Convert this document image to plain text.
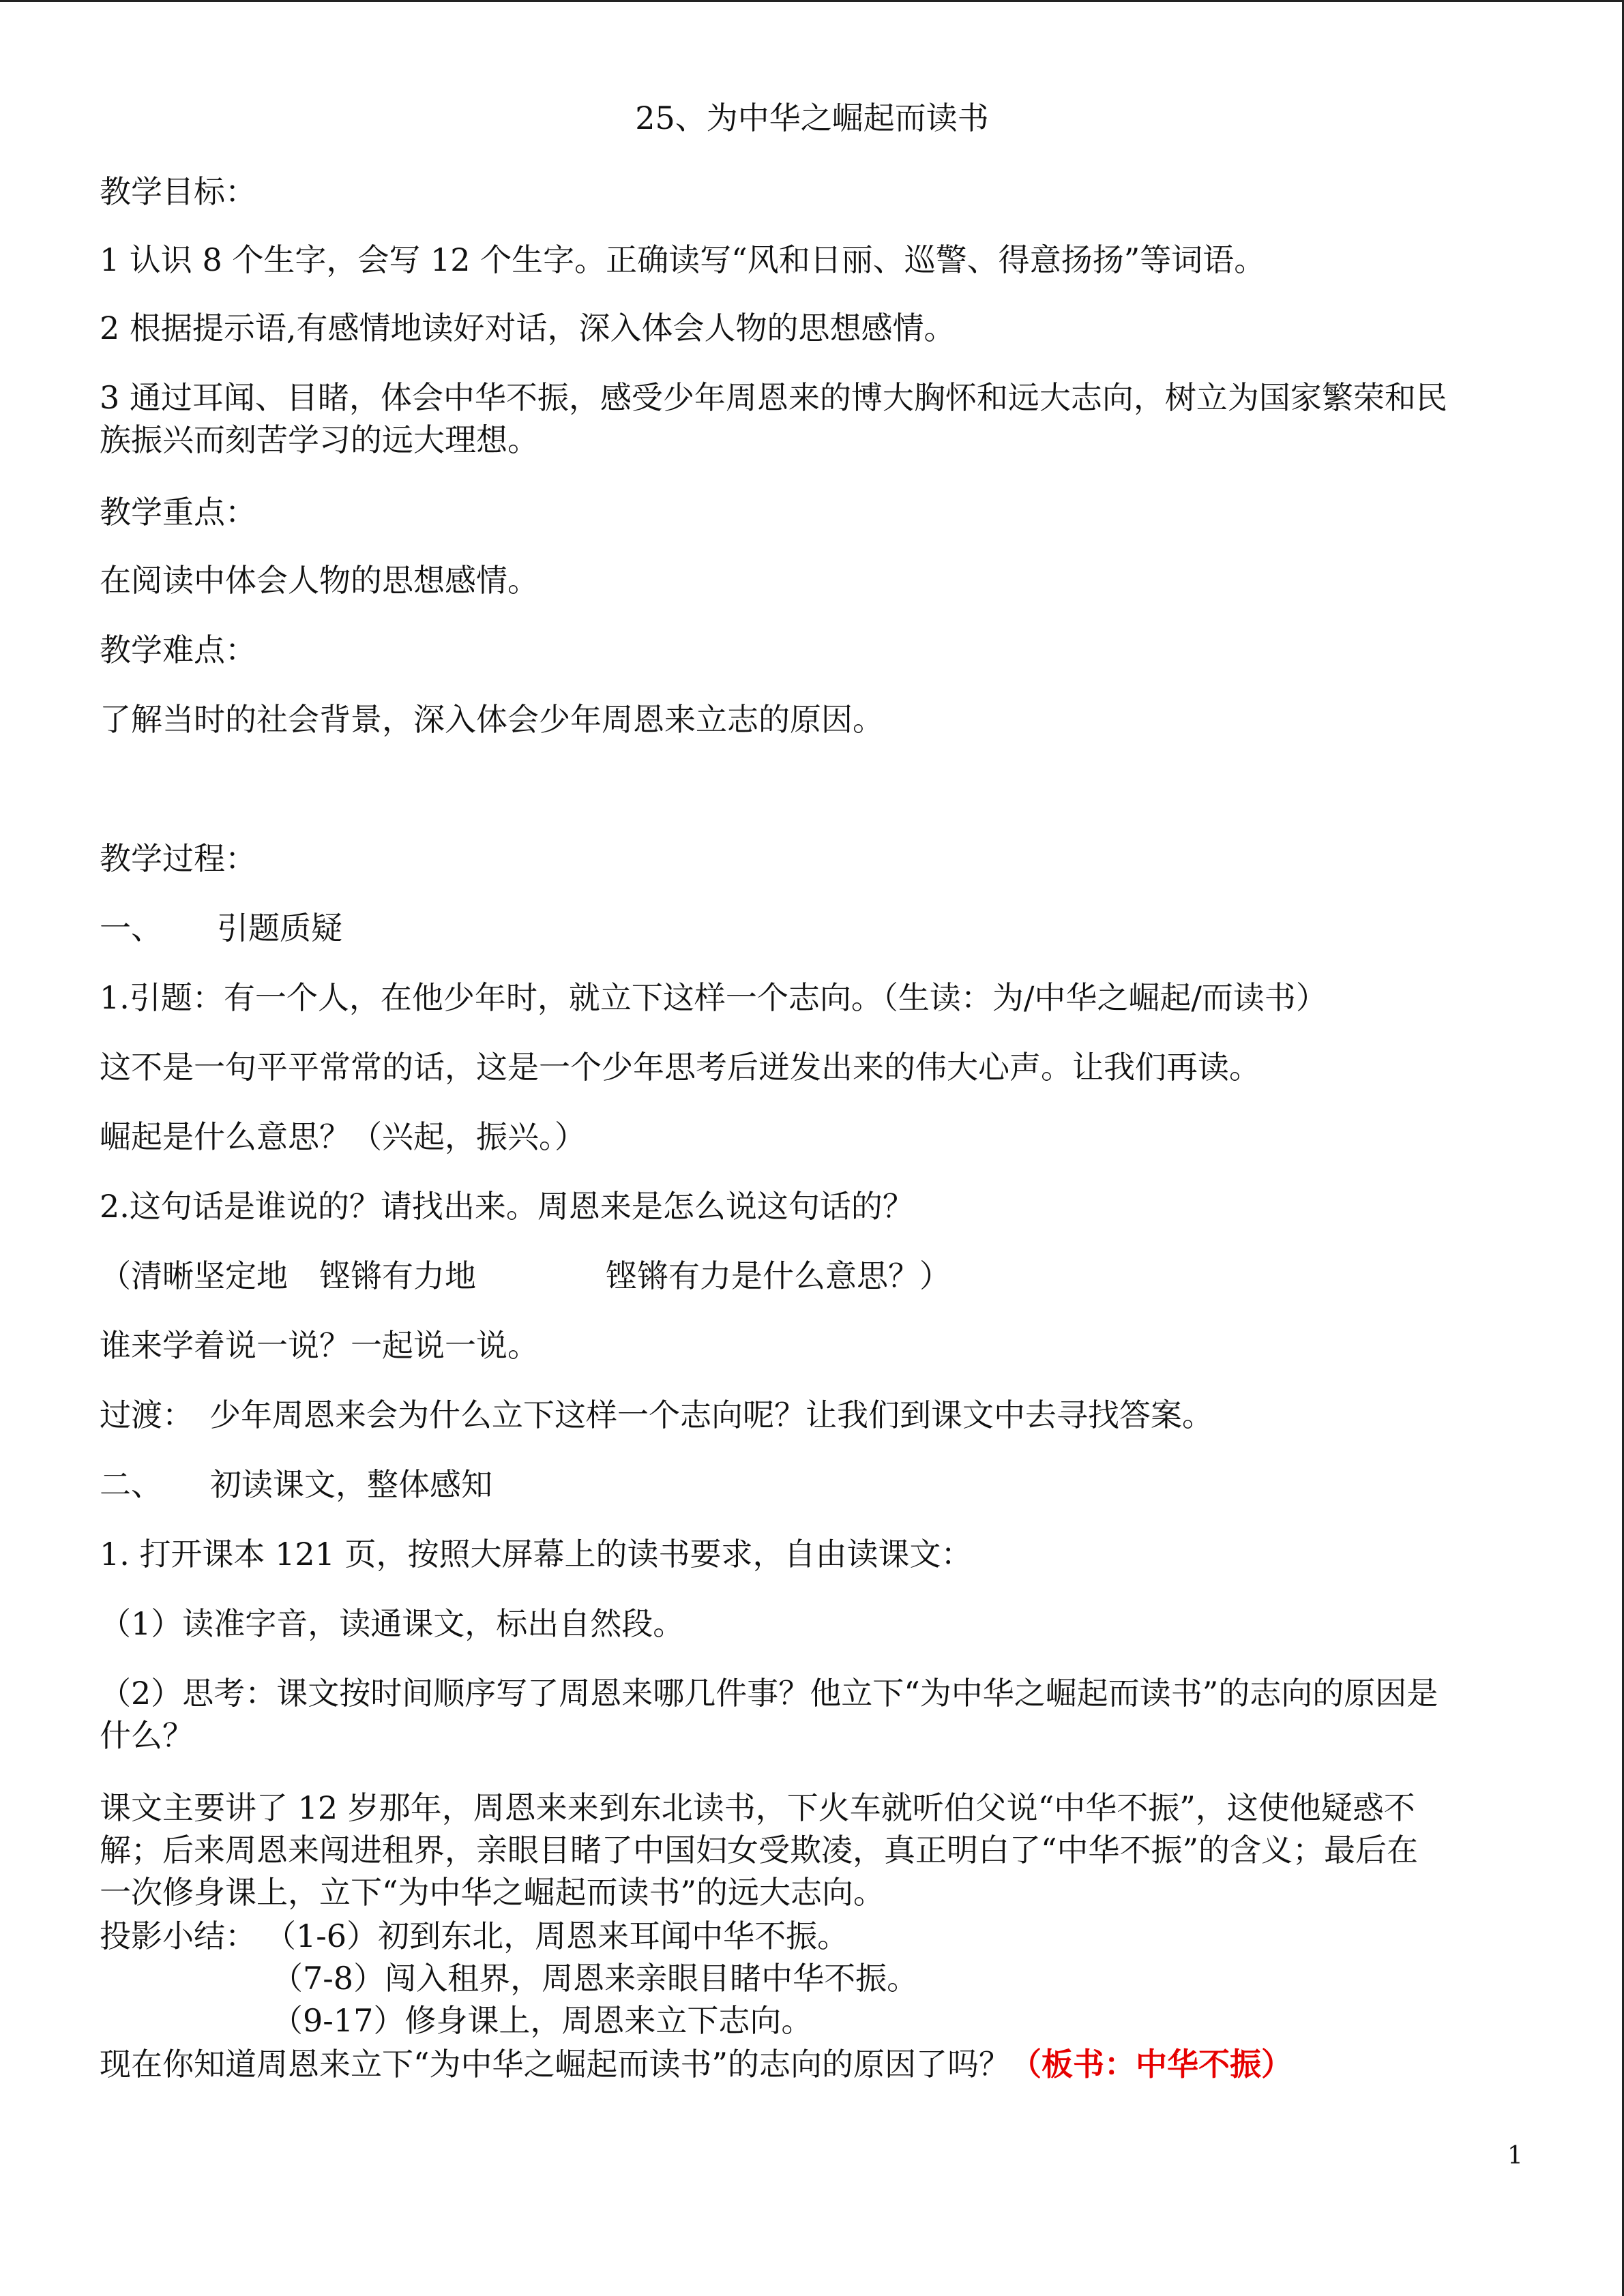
25、为中华之崛起而读书
教学目标：
1 认识 8 个生字，会写 12 个生字。正确读写“风和日丽、巡警、得意扬扬”等词语。
2 根据提示语,有感情地读好对话，深入体会人物的思想感情。
3 通过耳闻、目睹，体会中华不振，感受少年周恩来的博大胸怀和远大志向，树立为国家繁荣和民
族振兴而刻苦学习的远大理想。
教学重点：
在阅读中体会人物的思想感情。
教学难点：
了解当时的社会背景，深入体会少年周恩来立志的原因。
教学过程：
一、 引题质疑
1.引题：有一个人，在他少年时，就立下这样一个志向。（生读：为/中华之崛起/而读书）
这不是一句平平常常的话，这是一个少年思考后迸发出来的伟大心声。让我们再读。
崛起是什么意思？（兴起，振兴。）
2.这句话是谁说的？请找出来。周恩来是怎么说这句话的？
（清晰坚定地 铿锵有力地	铿锵有力是什么意思？）
谁来学着说一说？一起说一说。
过渡： 少年周恩来会为什么立下这样一个志向呢？让我们到课文中去寻找答案。
二、 初读课文，整体感知
1. 打开课本 121 页，按照大屏幕上的读书要求，自由读课文：
（1）读准字音，读通课文，标出自然段。
（2）思考：课文按时间顺序写了周恩来哪几件事？他立下“为中华之崛起而读书”的志向的原因是
什么？
课文主要讲了 12 岁那年，周恩来来到东北读书，下火车就听伯父说“中华不振”，这使他疑惑不
解；后来周恩来闯进租界，亲眼目睹了中国妇女受欺凌，真正明白了“中华不振”的含义；最后在
一次修身课上，立下“为中华之崛起而读书”的远大志向。
投影小结： （1-6）初到东北，周恩来耳闻中华不振。
（7-8）闯入租界，周恩来亲眼目睹中华不振。
（9-17）修身课上，周恩来立下志向。
现在你知道周恩来立下“为中华之崛起而读书”的志向的原因了吗？（板书：中华不振）
1
